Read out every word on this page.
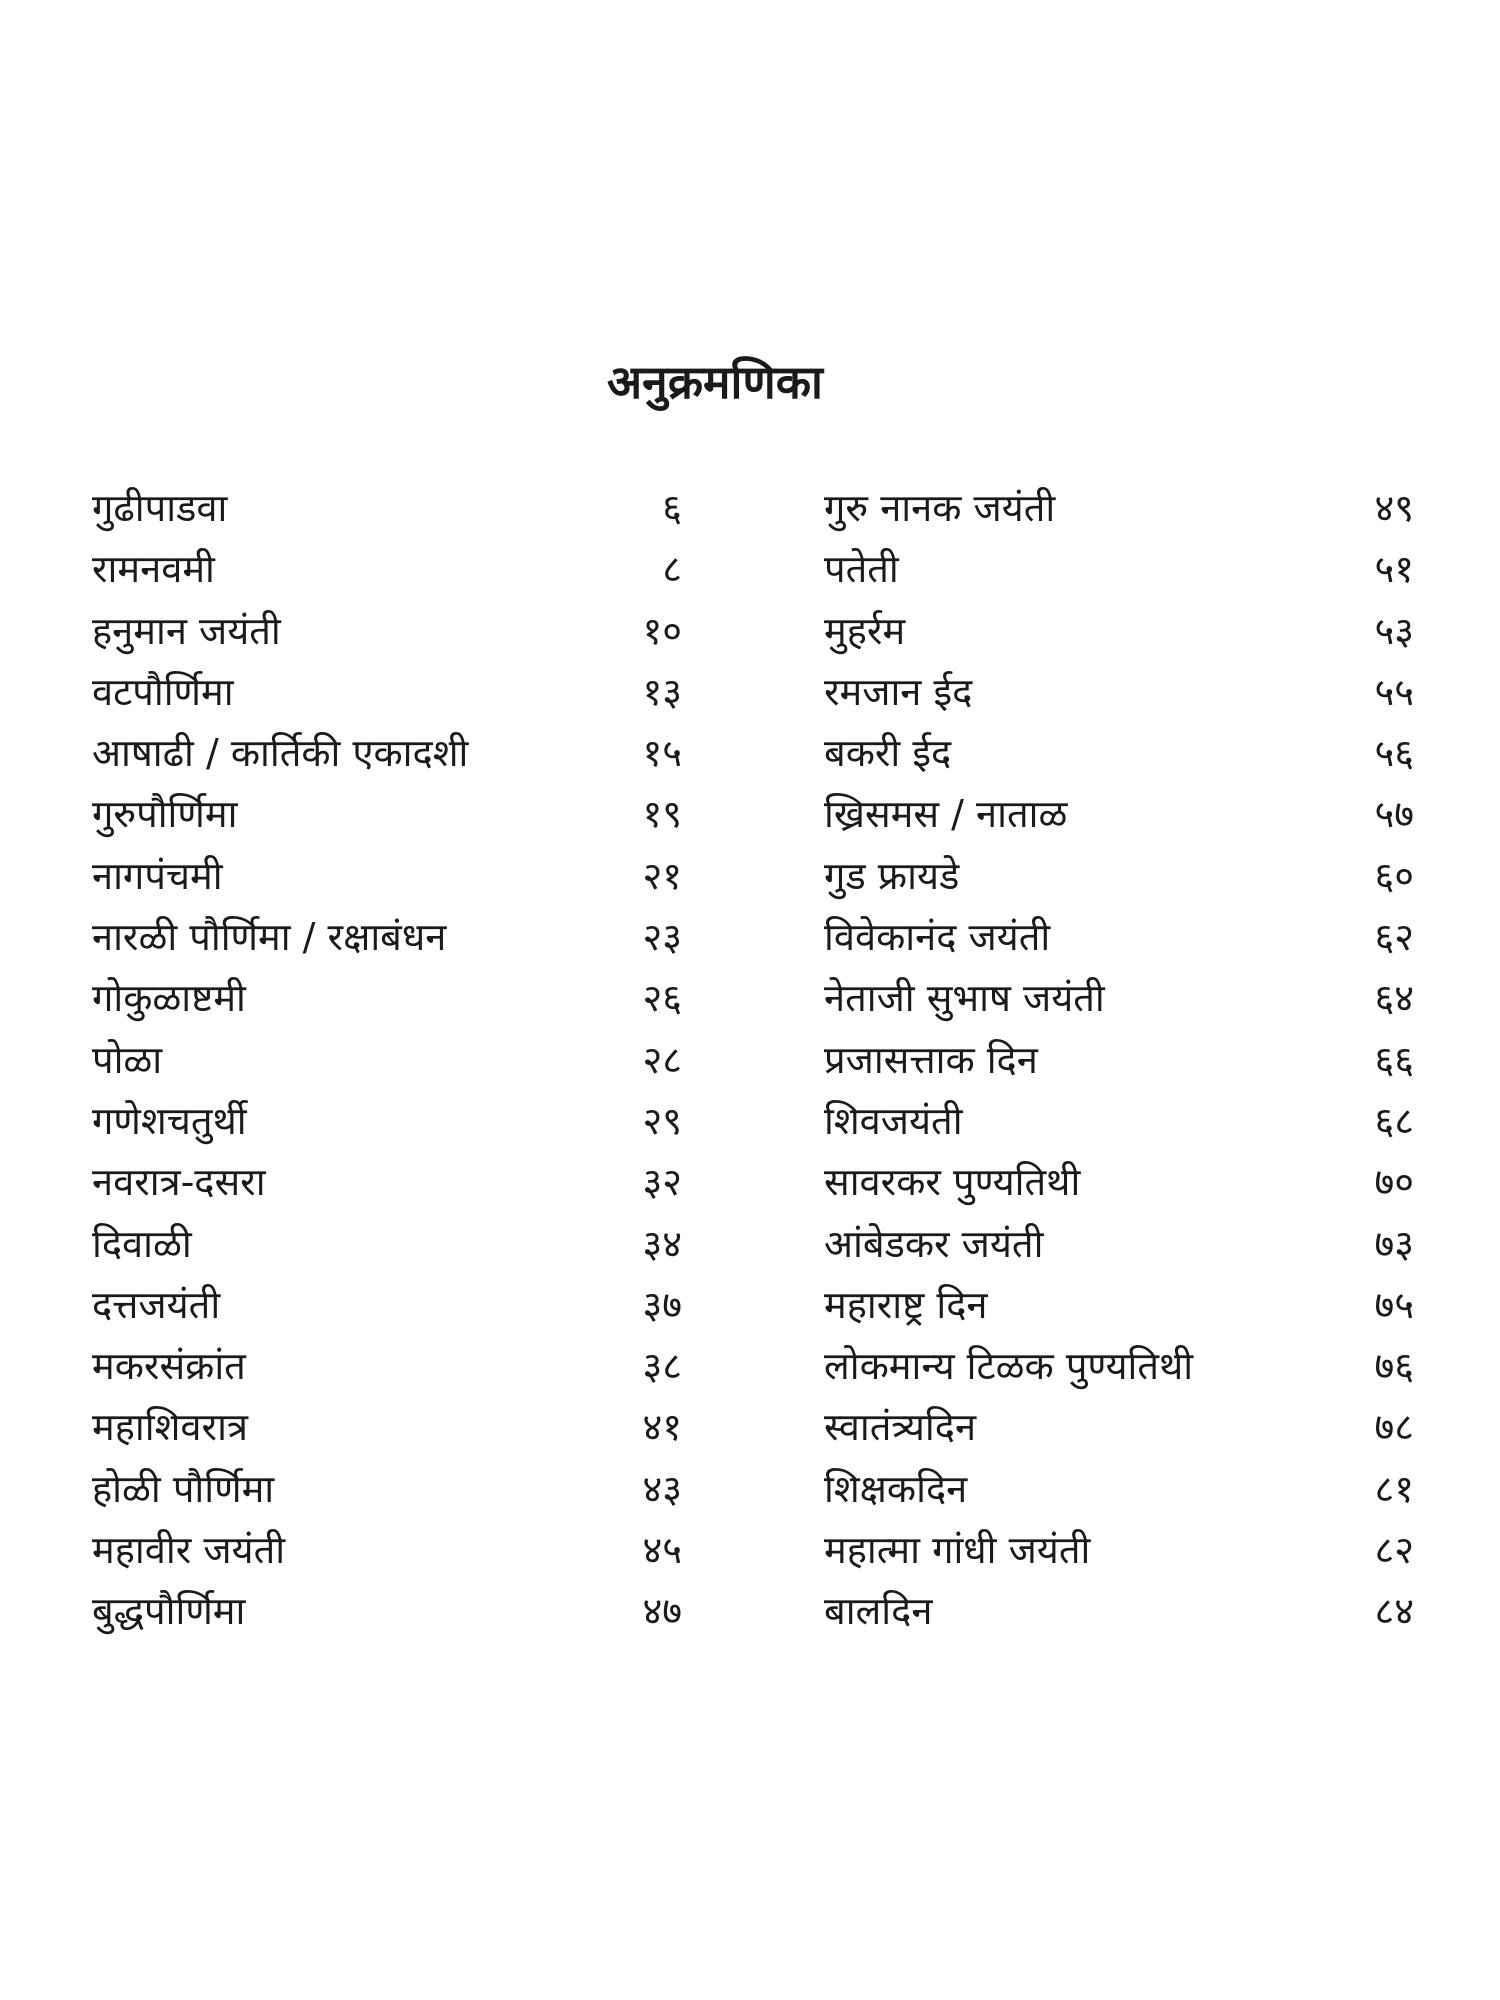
अनुक्रमणिका
गुढीपाडवा	६
रामनवमी	८
हनुमान जयंती	१०
वटपौर्णिमा	१३
आषाढी / कार्तिकी एकादशी	१५
गुरुपौर्णिमा	१९
नागपंचमी	२१
नारळी पौर्णिमा / रक्षाबंधन	२३
गोकुळाष्टमी	२६
पोळा	२८
गणेशचतुर्थी	२९
नवरात्र-दसरा	३२
दिवाळी	३४
दत्तजयंती	३७
मकरसंक्रांत	३८
महाशिवरात्र	४१
होळी पौर्णिमा	४३
महावीर जयंती	४५
बुद्धपौर्णिमा	४७
गुरु नानक जयंती	४९
पतेती	५१
मुहर्रम	५३
रमजान ईद	५५
बकरी ईद	५६
ख्रिसमस / नाताळ	५७
गुड फ्रायडे	६०
विवेकानंद जयंती	६२
नेताजी सुभाष जयंती	६४
प्रजासत्ताक दिन	६६
शिवजयंती	६८
सावरकर पुण्यतिथी	७०
आंबेडकर जयंती	७३
महाराष्ट्र दिन	७५
लोकमान्य टिळक पुण्यतिथी	७६
स्वातंत्र्यदिन	७८
शिक्षकदिन	८१
महात्मा गांधी जयंती	८२
बालदिन	८४
